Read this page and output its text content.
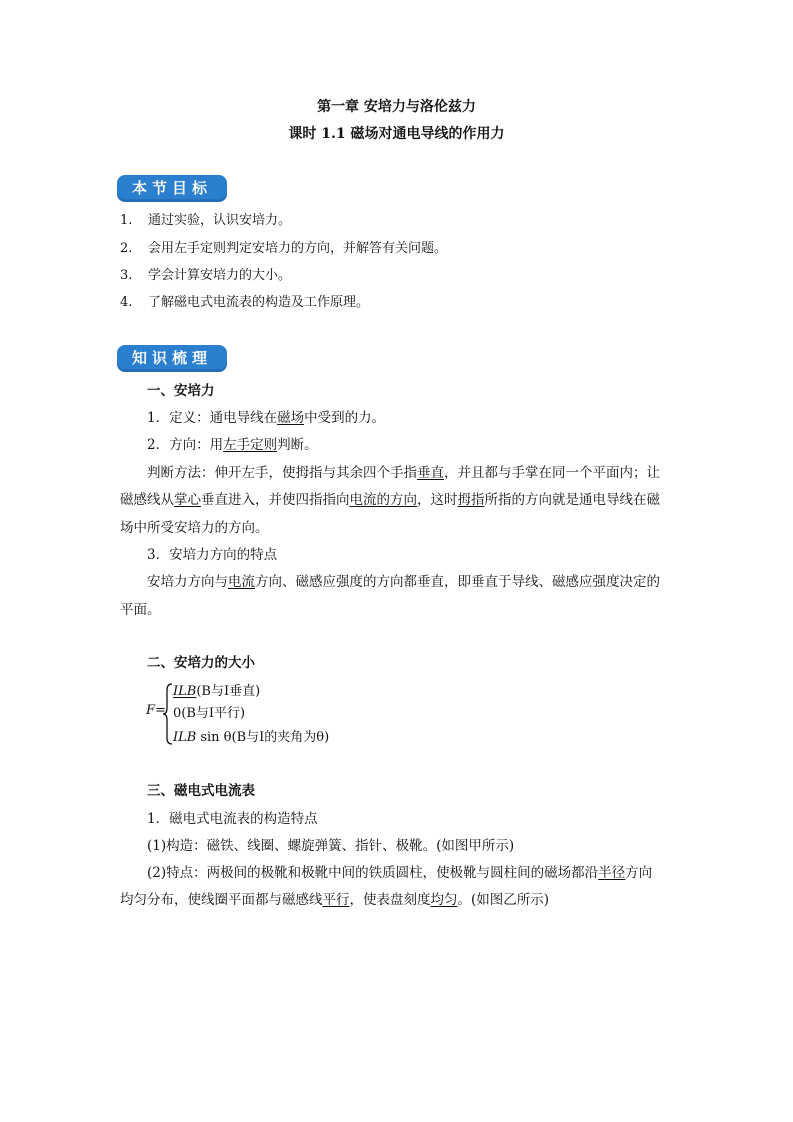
第一章 安培力与洛伦兹力
课时 1.1 磁场对通电导线的作用力
本节目标
1. 通过实验，认识安培力。
2. 会用左手定则判定安培力的方向，并解答有关问题。
3. 学会计算安培力的大小。
4. 了解磁电式电流表的构造及工作原理。
知识梳理
一、安培力
1．定义：通电导线在磁场中受到的力。
2．方向：用左手定则判断。
判断方法：伸开左手，使拇指与其余四个手指垂直，并且都与手掌在同一个平面内；让
磁感线从掌心垂直进入，并使四指指向电流的方向，这时拇指所指的方向就是通电导线在磁
场中所受安培力的方向。
3．安培力方向的特点
安培力方向与电流方向、磁感应强度的方向都垂直，即垂直于导线、磁感应强度决定的
平面。
二、安培力的大小
F=
ILB(B与I垂直)
0(B与I平行)
ILB sin θ(B与I的夹角为θ)
三、磁电式电流表
1．磁电式电流表的构造特点
(1)构造：磁铁、线圈、螺旋弹簧、指针、极靴。(如图甲所示)
(2)特点：两极间的极靴和极靴中间的铁质圆柱，使极靴与圆柱间的磁场都沿半径方向
均匀分布，使线圈平面都与磁感线平行，使表盘刻度均匀。(如图乙所示)
